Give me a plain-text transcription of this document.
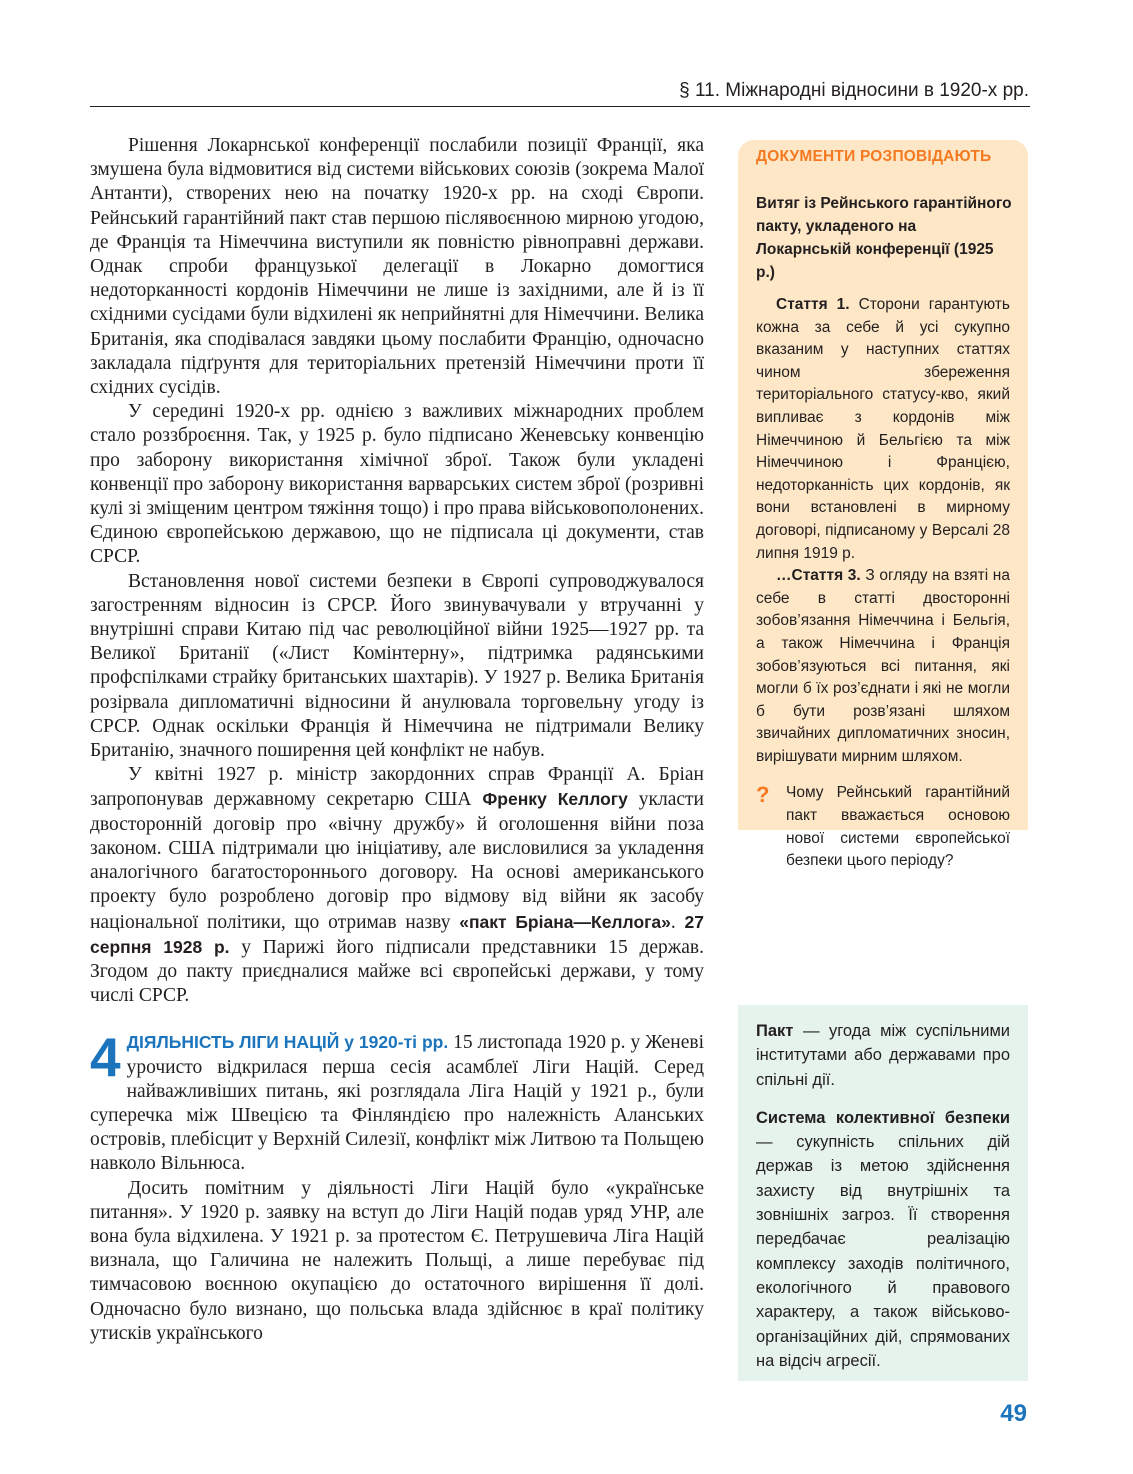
§ 11. Міжнародні відносини в 1920-х рр.

Рішення Локарнської конференції послабили позиції Франції, яка змушена була відмовитися від системи військових союзів (зокрема Малої Антанти), створених нею на початку 1920-х рр. на сході Європи. Рейнський гарантійний пакт став першою післявоєнною мирною угодою, де Франція та Німеччина виступили як повністю рівноправні держави. Однак спроби французької делегації в Локарно домогтися недоторканності кордонів Німеччини не лише із західними, але й із її східними сусідами були відхилені як неприйнятні для Німеччини. Велика Британія, яка сподівалася завдяки цьому послабити Францію, одночасно закладала підґрунтя для територіальних претензій Німеччини проти її східних сусідів.

У середині 1920-х рр. однією з важливих міжнародних проблем стало роззброєння. Так, у 1925 р. було підписано Женевську конвенцію про заборону використання хімічної зброї. Також були укладені конвенції про заборону використання варварських систем зброї (розривні кулі зі зміщеним центром тяжіння тощо) і про права військовополонених. Єдиною європейською державою, що не підписала ці документи, став СРСР.

Встановлення нової системи безпеки в Європі супроводжувалося загостренням відносин із СРСР. Його звинувачували у втручанні у внутрішні справи Китаю під час революційної війни 1925—1927 рр. та Великої Британії («Лист Комінтерну», підтримка радянськими профспілками страйку британських шахтарів). У 1927 р. Велика Британія розірвала дипломатичні відносини й анулювала торговельну угоду із СРСР. Однак оскільки Франція й Німеччина не підтримали Велику Британію, значного поширення цей конфлікт не набув.

У квітні 1927 р. міністр закордонних справ Франції А. Бріан запропонував державному секретарю США Френку Келлогу укласти двосторонній договір про «вічну дружбу» й оголошення війни поза законом. США підтримали цю ініціативу, але висловилися за укладення аналогічного багатостороннього договору. На основі американського проекту було розроблено договір про відмову від війни як засобу національної політики, що отримав назву «пакт Бріана—Келлога». 27 серпня 1928 р. у Парижі його підписали представники 15 держав. Згодом до пакту приєдналися майже всі європейські держави, у тому числі СРСР.

4 ДІЯЛЬНІСТЬ ЛІГИ НАЦІЙ у 1920-ті рр. 15 листопада 1920 р. у Женеві урочисто відкрилася перша сесія асамблеї Ліги Націй. Серед найважливіших питань, які розглядала Ліга Націй у 1921 р., були суперечка між Швецією та Фінляндією про належність Аланських островів, плебісцит у Верхній Силезії, конфлікт між Литвою та Польщею навколо Вільнюса.

Досить помітним у діяльності Ліги Націй було «українське питання». У 1920 р. заявку на вступ до Ліги Націй подав уряд УНР, але вона була відхилена. У 1921 р. за протестом Є. Петрушевича Ліга Націй визнала, що Галичина не належить Польщі, а лише перебуває під тимчасовою воєнною окупацією до остаточного вирішення її долі. Одночасно було визнано, що польська влада здійснює в краї політику утисків українського

ДОКУМЕНТИ РОЗПОВІДАЮТЬ
Витяг із Рейнського гарантійного пакту, укладеного на Локарнській конференції (1925 р.)

Стаття 1. Сторони гарантують кожна за себе й усі сукупно вказаним у наступних статтях чином збереження територіального статусу-кво, який випливає з кордонів між Німеччиною й Бельгією та між Німеччиною і Францією, недоторканність цих кордонів, як вони встановлені в мирному договорі, підписаному у Версалі 28 липня 1919 р.

…Стаття 3. З огляду на взяті на себе в статті двосторонні зобов’язання Німеччина і Бельгія, а також Німеччина і Франція зобов’язуються всі питання, які могли б їх роз’єднати і які не могли б бути розв’язані шляхом звичайних дипломатичних зносин, вирішувати мирним шляхом.

?	Чому Рейнський гарантійний пакт вважається основою нової системи європейської безпеки цього періоду?

Пакт — угода між суспільними інститутами або державами про спільні дії.

Система колективної безпеки — сукупність спільних дій держав із метою здійснення захисту від внутрішніх та зовнішніх загроз. Її створення передбачає реалізацію комплексу заходів політичного, екологічного й правового характеру, а також військово-організаційних дій, спрямованих на відсіч агресії.

49
